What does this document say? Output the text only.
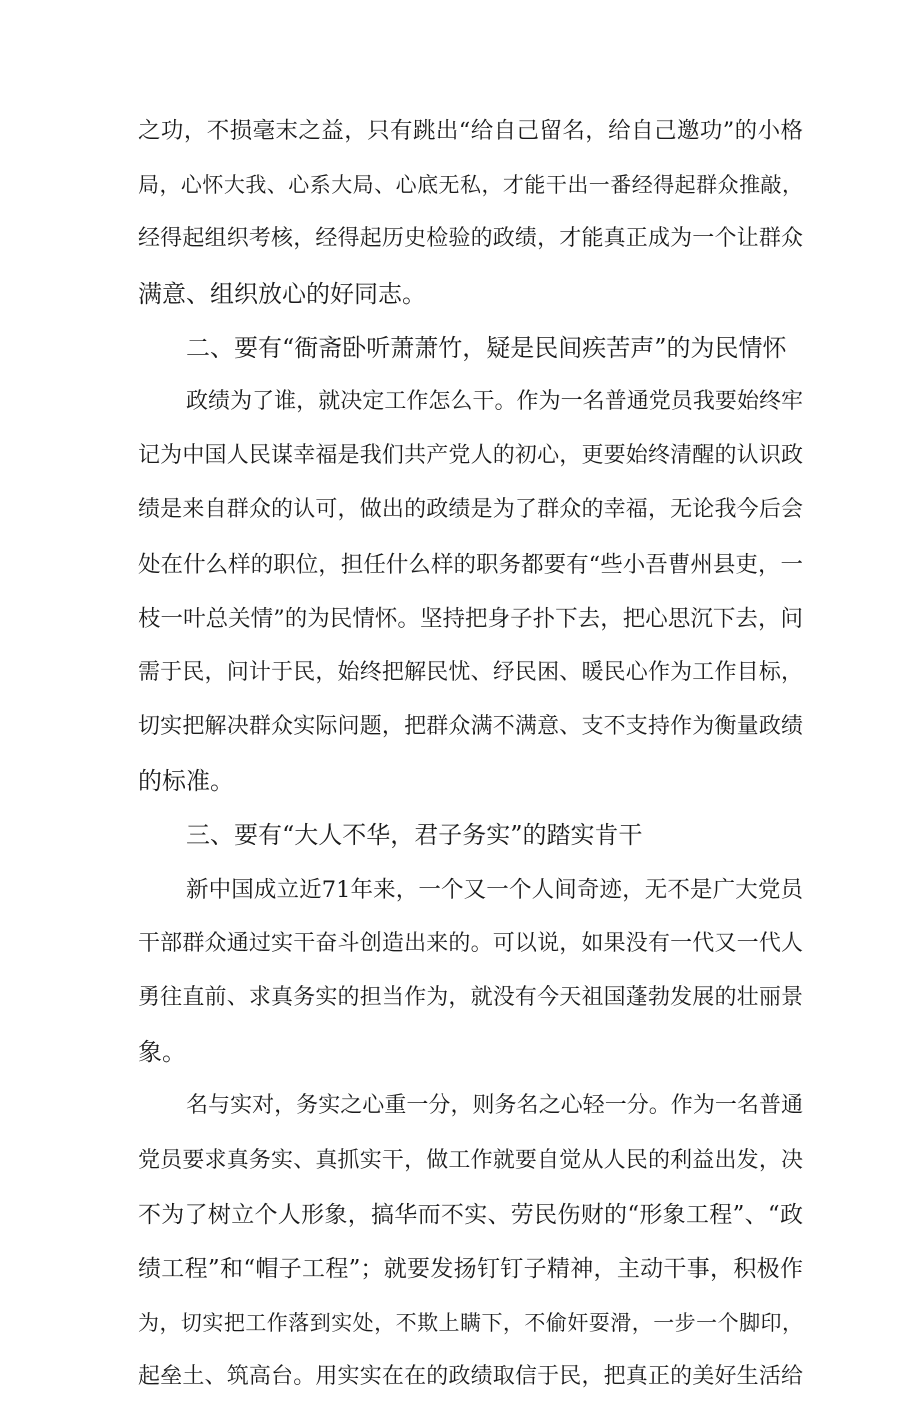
之功，不损毫末之益，只有跳出“给自己留名，给自己邀功”的小格
局，心怀大我、心系大局、心底无私，才能干出一番经得起群众推敲，
经得起组织考核，经得起历史检验的政绩，才能真正成为一个让群众
满意、组织放心的好同志。
二、要有“衙斋卧听萧萧竹，疑是民间疾苦声”的为民情怀
政绩为了谁，就决定工作怎么干。作为一名普通党员我要始终牢
记为中国人民谋幸福是我们共产党人的初心，更要始终清醒的认识政
绩是来自群众的认可，做出的政绩是为了群众的幸福，无论我今后会
处在什么样的职位，担任什么样的职务都要有“些小吾曹州县吏，一
枝一叶总关情”的为民情怀。坚持把身子扑下去，把心思沉下去，问
需于民，问计于民，始终把解民忧、纾民困、暖民心作为工作目标，
切实把解决群众实际问题，把群众满不满意、支不支持作为衡量政绩
的标准。
三、要有“大人不华，君子务实”的踏实肯干
新中国成立近71年来，一个又一个人间奇迹，无不是广大党员
干部群众通过实干奋斗创造出来的。可以说，如果没有一代又一代人
勇往直前、求真务实的担当作为，就没有今天祖国蓬勃发展的壮丽景
象。
名与实对，务实之心重一分，则务名之心轻一分。作为一名普通
党员要求真务实、真抓实干，做工作就要自觉从人民的利益出发，决
不为了树立个人形象，搞华而不实、劳民伤财的“形象工程”、“政
绩工程”和“帽子工程”；就要发扬钉钉子精神，主动干事，积极作
为，切实把工作落到实处，不欺上瞒下，不偷奸耍滑，一步一个脚印，
起垒土、筑高台。用实实在在的政绩取信于民，把真正的美好生活给
